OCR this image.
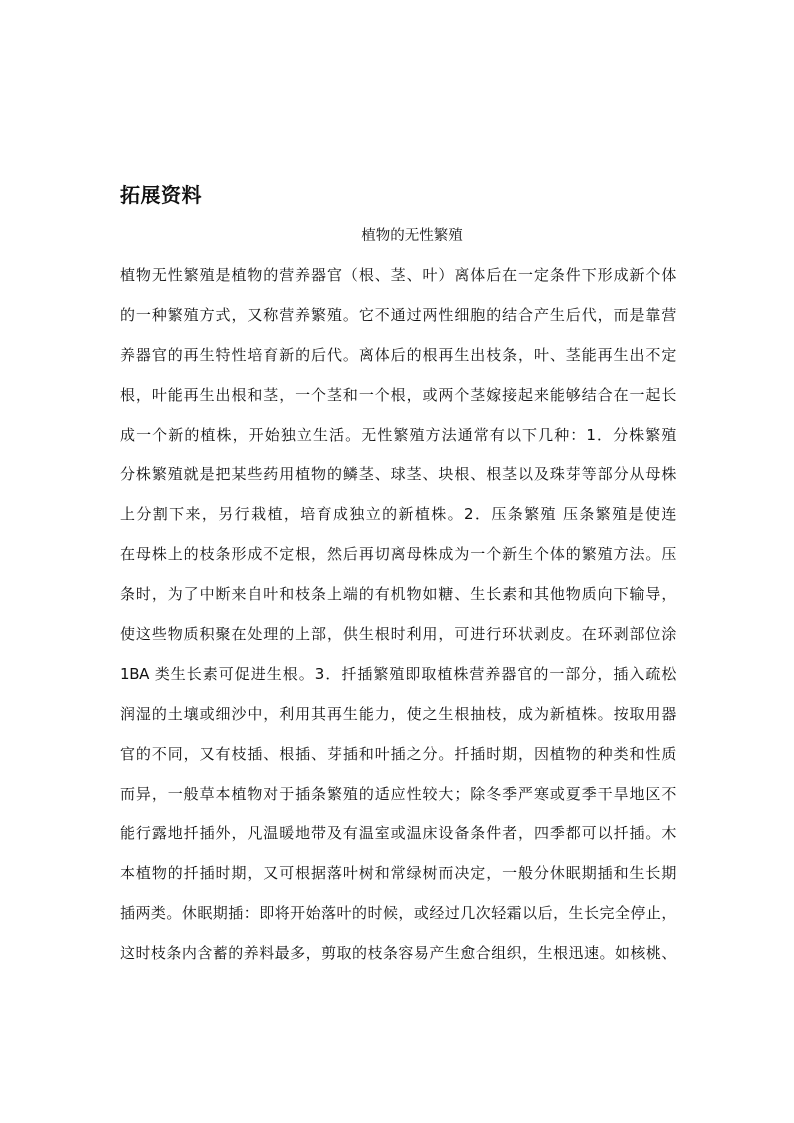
拓展资料

植物的无性繁殖

植物无性繁殖是植物的营养器官（根、茎、叶）离体后在一定条件下形成新个体
的一种繁殖方式，又称营养繁殖。它不通过两性细胞的结合产生后代，而是靠营
养器官的再生特性培育新的后代。离体后的根再生出枝条，叶、茎能再生出不定
根，叶能再生出根和茎，一个茎和一个根，或两个茎嫁接起来能够结合在一起长
成一个新的植株，开始独立生活。无性繁殖方法通常有以下几种：1．分株繁殖
分株繁殖就是把某些药用植物的鳞茎、球茎、块根、根茎以及珠芽等部分从母株
上分割下来，另行栽植，培育成独立的新植株。2．压条繁殖 压条繁殖是使连
在母株上的枝条形成不定根，然后再切离母株成为一个新生个体的繁殖方法。压
条时，为了中断来自叶和枝条上端的有机物如糖、生长素和其他物质向下输导，
使这些物质积聚在处理的上部，供生根时利用，可进行环状剥皮。在环剥部位涂
1BA 类生长素可促进生根。3．扦插繁殖即取植株营养器官的一部分，插入疏松
润湿的土壤或细沙中，利用其再生能力，使之生根抽枝，成为新植株。按取用器
官的不同，又有枝插、根插、芽插和叶插之分。扦插时期，因植物的种类和性质
而异，一般草本植物对于插条繁殖的适应性较大；除冬季严寒或夏季干旱地区不
能行露地扦插外，凡温暖地带及有温室或温床设备条件者，四季都可以扦插。木
本植物的扦插时期，又可根据落叶树和常绿树而决定，一般分休眠期插和生长期
插两类。休眠期插：即将开始落叶的时候，或经过几次轻霜以后，生长完全停止，
这时枝条内含蓄的养料最多，剪取的枝条容易产生愈合组织，生根迅速。如核桃、
